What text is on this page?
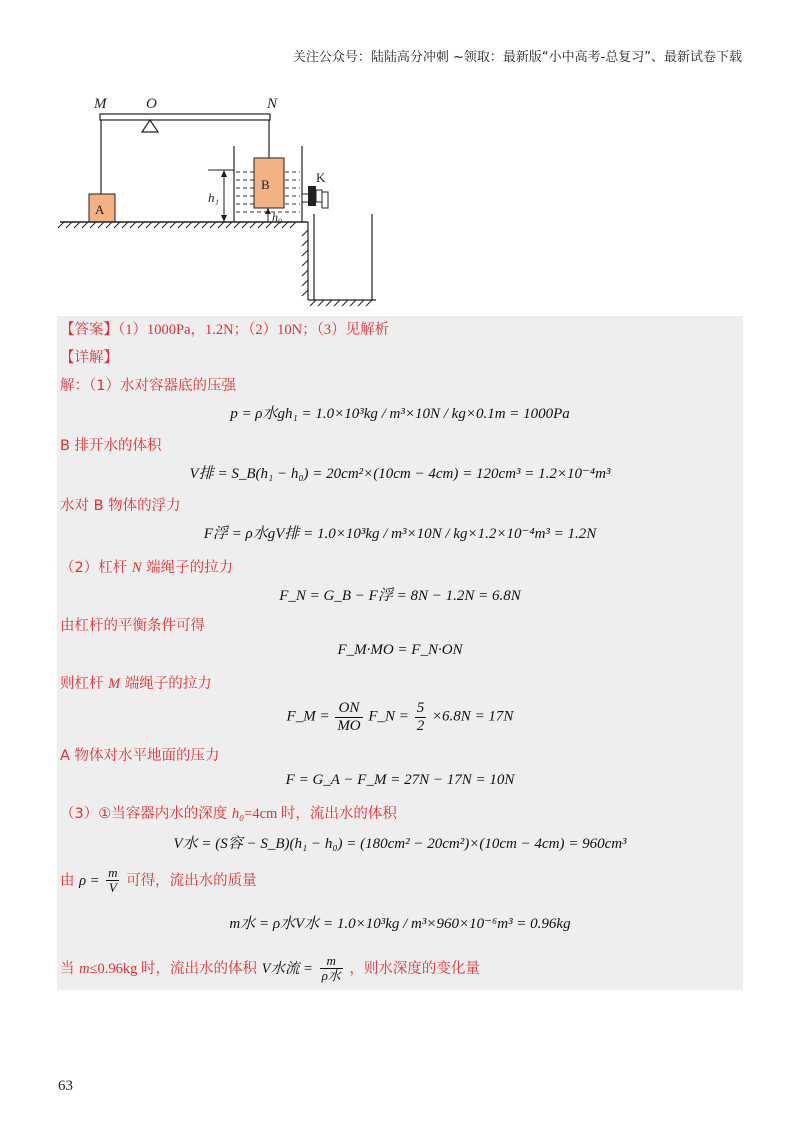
关注公众号：陆陆高分冲刺 ~领取：最新版“小中高考-总复习”、最新试卷下载
M	O	N
A
B
h₁
h₀
K
【答案】（1）1000Pa，1.2N；（2）10N；（3）见解析
【详解】
解：（1）水对容器底的压强
p = ρ水gh₁ = 1.0×10³kg / m³×10N / kg×0.1m = 1000Pa
B 排开水的体积
V排 = S_B(h₁ − h₀) = 20cm²×(10cm − 4cm) = 120cm³ = 1.2×10⁻⁴m³
水对 B 物体的浮力
F浮 = ρ水gV排 = 1.0×10³kg / m³×10N / kg×1.2×10⁻⁴m³ = 1.2N
（2）杠杆 N 端绳子的拉力
F_N = G_B − F浮 = 8N − 1.2N = 6.8N
由杠杆的平衡条件可得
F_M·MO = F_N·ON
则杠杆 M 端绳子的拉力
F_M = $\frac{ON}{MO}$ F_N = $\frac{5}{2} \times 6.8N = 17N$
A 物体对水平地面的压力
F = G_A − F_M = 27N − 17N = 10N
（3）①当容器内水的深度 h₀=4cm 时，流出水的体积
V水 = (S容 − S_B)(h₁ − h₀) = (180cm² − 20cm²)×(10cm − 4cm) = 960cm³
由 $\rho = \frac{m}{V}$ 可得，流出水的质量
m水 = ρ水V水 = 1.0×10³kg / m³×960×10⁻⁶m³ = 0.96kg
当 m≤0.96kg 时，流出水的体积 V水流 = $\frac{m}{\text{ρ水}}$ ，则水深度的变化量
63
